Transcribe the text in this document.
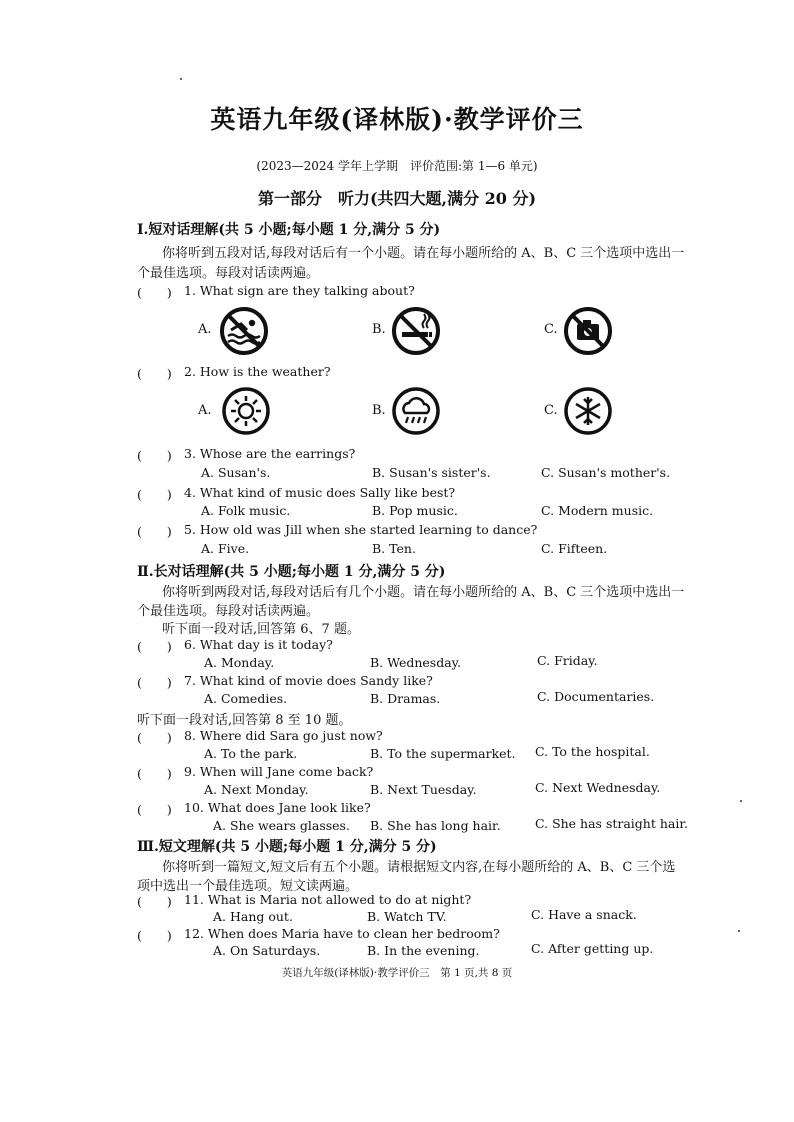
英语九年级(译林版)·教学评价三
(2023—2024 学年上学期　评价范围:第 1—6 单元)
第一部分　听力(共四大题,满分 20 分)
Ⅰ.短对话理解(共 5 小题;每小题 1 分,满分 5 分)
你将听到五段对话,每段对话后有一个小题。请在每小题所给的 A、B、C 三个选项中选出一
个最佳选项。每段对话读两遍。
(　　) 1. What sign are they talking about?
A.	B.	C.
(　　) 2. How is the weather?
A.	B.	C.
(　　) 3. Whose are the earrings?
A. Susan's.	B. Susan's sister's.	C. Susan's mother's.
(　　) 4. What kind of music does Sally like best?
A. Folk music.	B. Pop music.	C. Modern music.
(　　) 5. How old was Jill when she started learning to dance?
A. Five.	B. Ten.	C. Fifteen.
Ⅱ.长对话理解(共 5 小题;每小题 1 分,满分 5 分)
你将听到两段对话,每段对话后有几个小题。请在每小题所给的 A、B、C 三个选项中选出一
个最佳选项。每段对话读两遍。
听下面一段对话,回答第 6、7 题。
(　　) 6. What day is it today?
A. Monday.	B. Wednesday.	C. Friday.
(　　) 7. What kind of movie does Sandy like?
A. Comedies.	B. Dramas.	C. Documentaries.
听下面一段对话,回答第 8 至 10 题。
(　　) 8. Where did Sara go just now?
A. To the park.	B. To the supermarket. C. To the hospital.
(　　) 9. When will Jane come back?
A. Next Monday.	B. Next Tuesday.	C. Next Wednesday.
(　　) 10. What does Jane look like?
A. She wears glasses. B. She has long hair.	C. She has straight hair.
Ⅲ.短文理解(共 5 小题;每小题 1 分,满分 5 分)
你将听到一篇短文,短文后有五个小题。请根据短文内容,在每小题所给的 A、B、C 三个选
项中选出一个最佳选项。短文读两遍。
(　　) 11. What is Maria not allowed to do at night?
A. Hang out.	B. Watch TV.	C. Have a snack.
(　　) 12. When does Maria have to clean her bedroom?
A. On Saturdays.	B. In the evening.	C. After getting up.
英语九年级(译林版)·教学评价三　第 1 页,共 8 页
